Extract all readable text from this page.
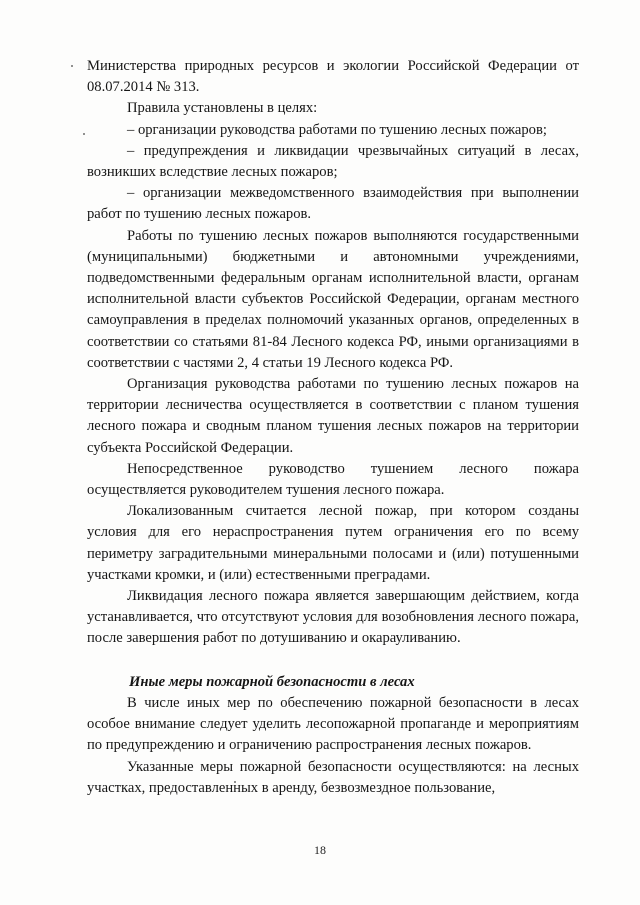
Министерства природных ресурсов и экологии Российской Федерации от 08.07.2014 № 313.

Правила установлены в целях:

– организации руководства работами по тушению лесных пожаров;

– предупреждения и ликвидации чрезвычайных ситуаций в лесах, возникших вследствие лесных пожаров;

– организации межведомственного взаимодействия при выполнении работ по тушению лесных пожаров.

Работы по тушению лесных пожаров выполняются государственными (муниципальными) бюджетными и автономными учреждениями, подведомственными федеральным органам исполнительной власти, органам исполнительной власти субъектов Российской Федерации, органам местного самоуправления в пределах полномочий указанных органов, определенных в соответствии со статьями 81-84 Лесного кодекса РФ, иными организациями в соответствии с частями 2, 4 статьи 19 Лесного кодекса РФ.

Организация руководства работами по тушению лесных пожаров на территории лесничества осуществляется в соответствии с планом тушения лесного пожара и сводным планом тушения лесных пожаров на территории субъекта Российской Федерации.

Непосредственное руководство тушением лесного пожара осуществляется руководителем тушения лесного пожара.

Локализованным считается лесной пожар, при котором созданы условия для его нераспространения путем ограничения его по всему периметру заградительными минеральными полосами и (или) потушенными участками кромки, и (или) естественными преградами.

Ликвидация лесного пожара является завершающим действием, когда устанавливается, что отсутствуют условия для возобновления лесного пожара, после завершения работ по дотушиванию и окарауливанию.

Иные меры пожарной безопасности в лесах

В числе иных мер по обеспечению пожарной безопасности в лесах особое внимание следует уделить лесопожарной пропаганде и мероприятиям по предупреждению и ограничению распространения лесных пожаров.

Указанные меры пожарной безопасности осуществляются: на лесных участках, предоставленных в аренду, безвозмездное пользование,

18
